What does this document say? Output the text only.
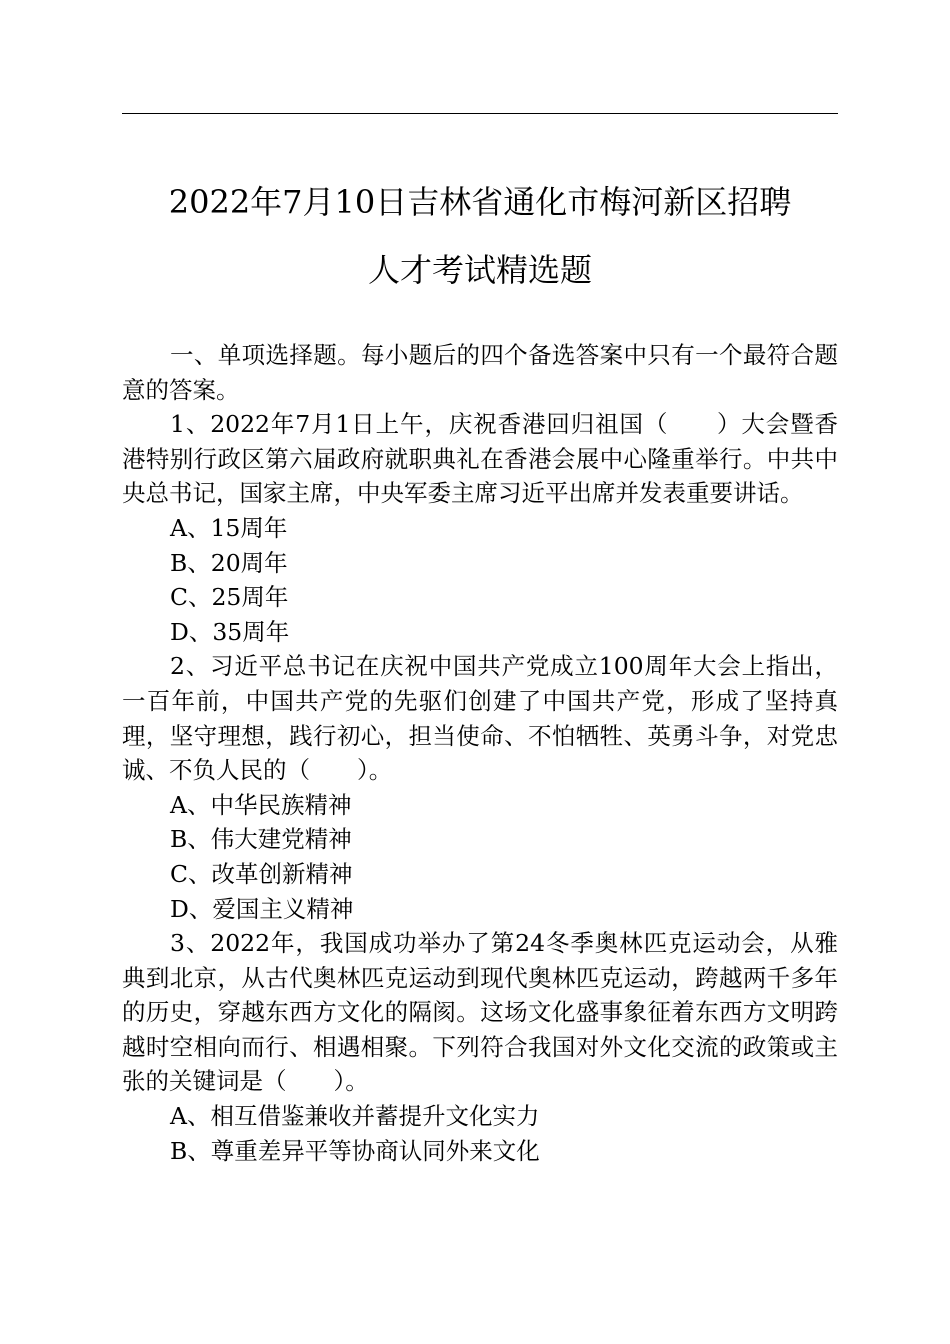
2022年7月10日吉林省通化市梅河新区招聘
人才考试精选题

一、单项选择题。每小题后的四个备选答案中只有一个最符合题意的答案。

1、2022年7月1日上午，庆祝香港回归祖国（　　）大会暨香港特别行政区第六届政府就职典礼在香港会展中心隆重举行。中共中央总书记，国家主席，中央军委主席习近平出席并发表重要讲话。

A、15周年

B、20周年

C、25周年

D、35周年

2、习近平总书记在庆祝中国共产党成立100周年大会上指出，一百年前，中国共产党的先驱们创建了中国共产党，形成了坚持真理，坚守理想，践行初心，担当使命、不怕牺牲、英勇斗争，对党忠诚、不负人民的（　　）。

A、中华民族精神

B、伟大建党精神

C、改革创新精神

D、爱国主义精神

3、2022年，我国成功举办了第24冬季奥林匹克运动会，从雅典到北京，从古代奥林匹克运动到现代奥林匹克运动，跨越两千多年的历史，穿越东西方文化的隔阂。这场文化盛事象征着东西方文明跨越时空相向而行、相遇相聚。下列符合我国对外文化交流的政策或主张的关键词是（　　）。

A、相互借鉴兼收并蓄提升文化实力

B、尊重差异平等协商认同外来文化
